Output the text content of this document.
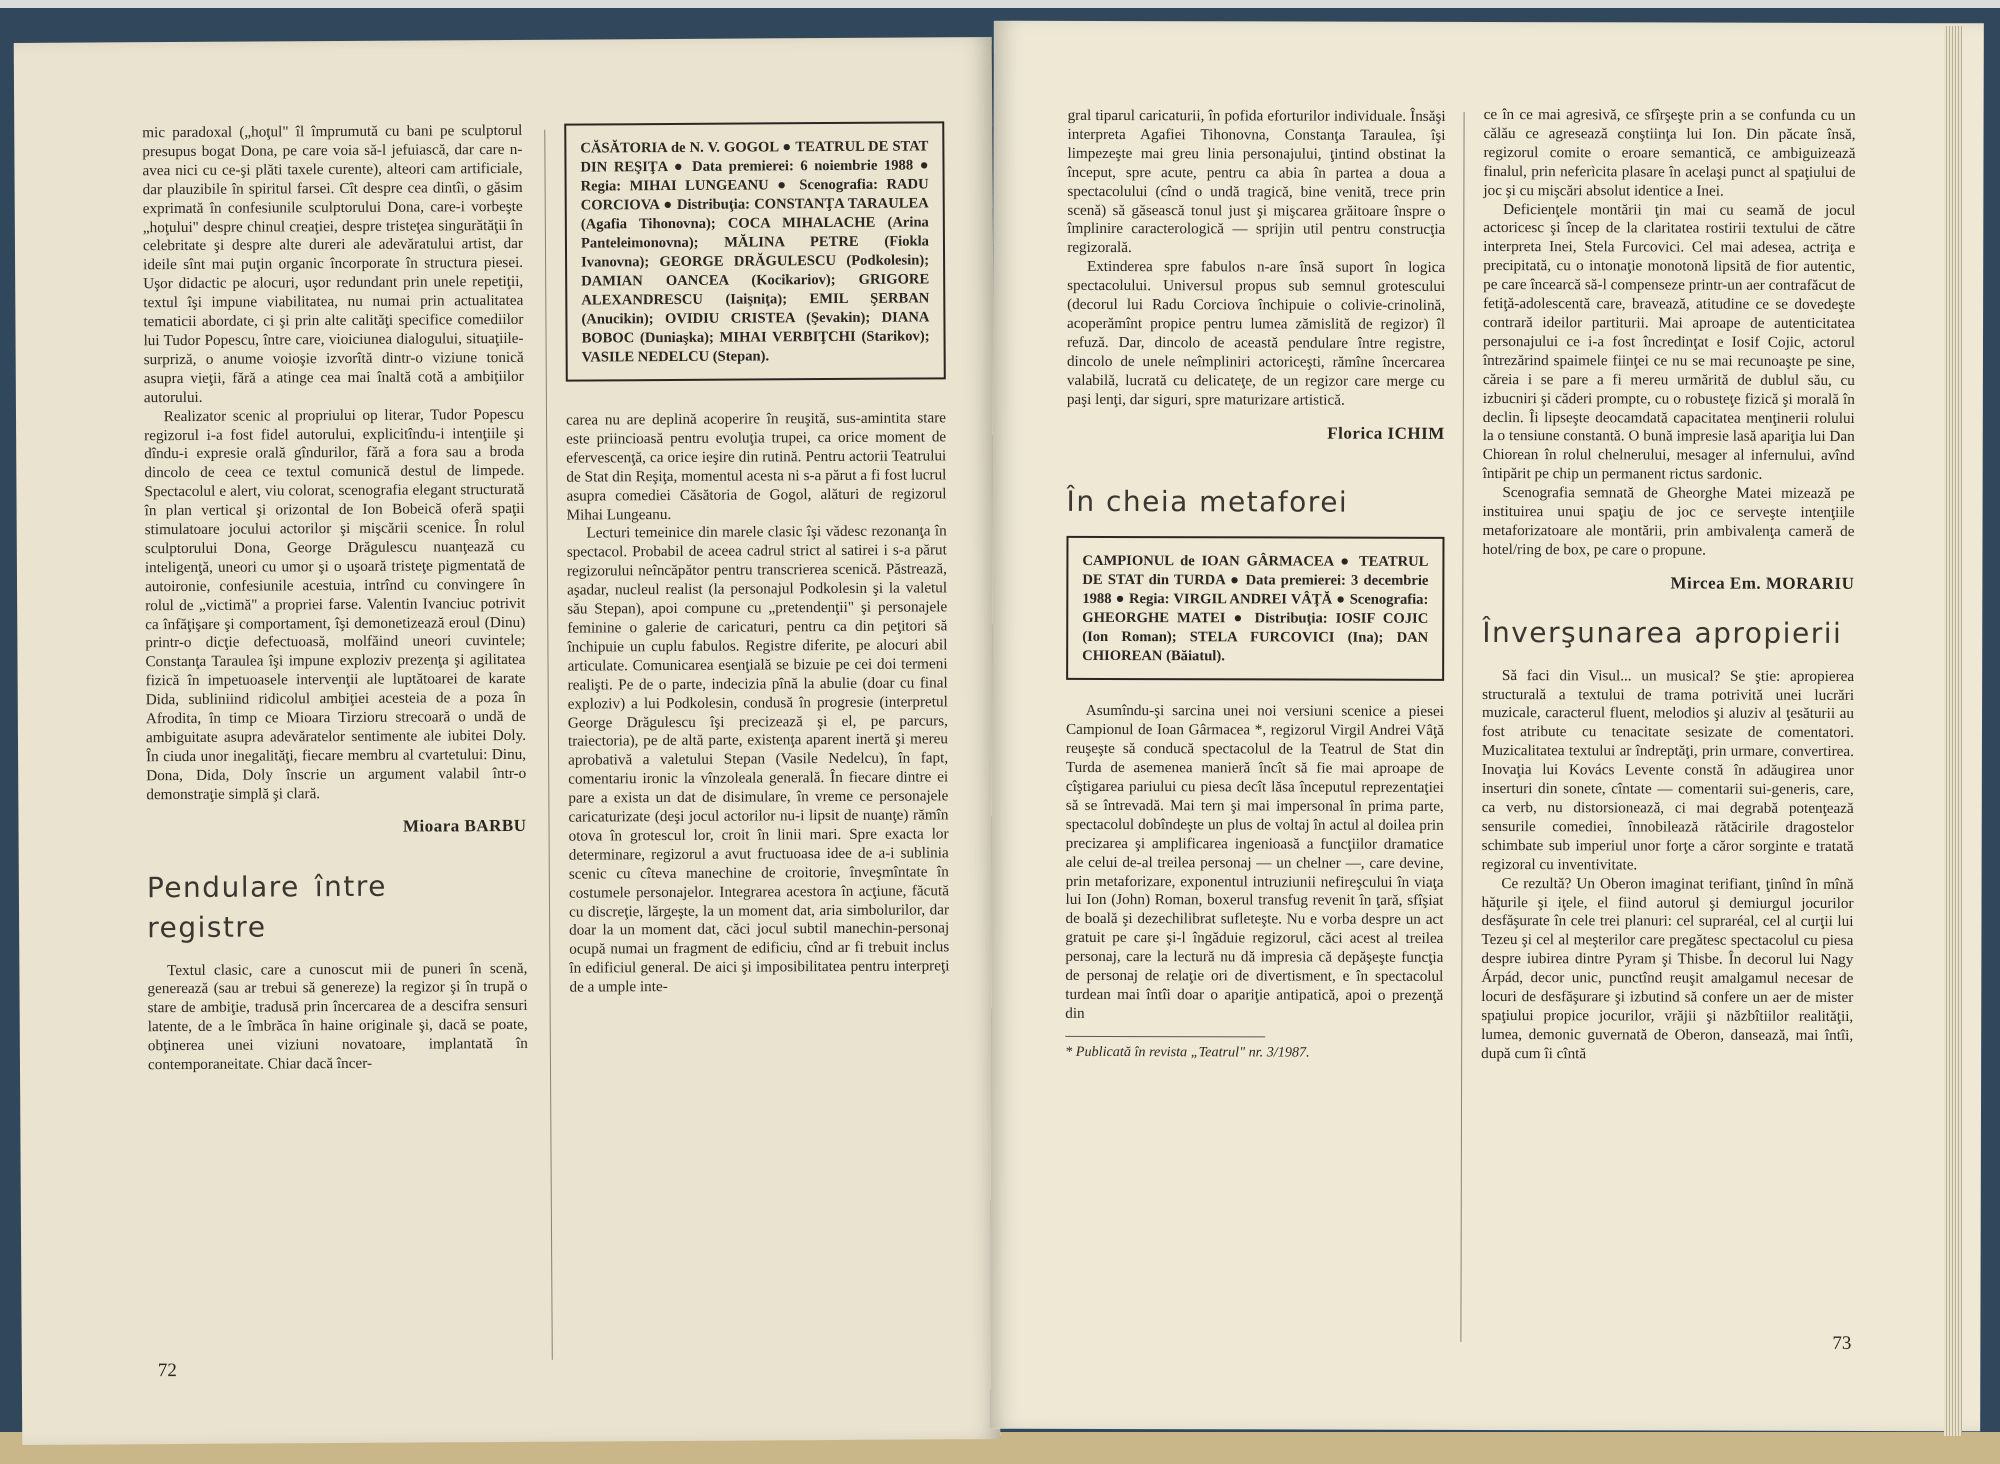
mic paradoxal („hoţul" îl împrumută cu bani pe sculptorul presupus bogat Dona, pe care voia să-l jefuiască, dar care n-avea nici cu ce-şi plăti taxele curente), alteori cam artificiale, dar plauzibile în spiritul farsei. Cît despre cea dintîi, o găsim exprimată în confesiunile sculptorului Dona, care-i vorbeşte „hoţului" despre chinul creaţiei, despre tristeţea singurătăţii în celebritate şi despre alte dureri ale adevăratului artist, dar ideile sînt mai puţin organic încorporate în structura piesei. Uşor didactic pe alocuri, uşor redundant prin unele repetiţii, textul îşi impune viabilitatea, nu numai prin actualitatea tematicii abordate, ci şi prin alte calităţi specifice comediilor lui Tudor Popescu, între care, vioiciunea dialogului, situaţiile-surpriză, o anume voioşie izvorîtă dintr-o viziune tonică asupra vieţii, fără a atinge cea mai înaltă cotă a ambiţiilor autorului.

Realizator scenic al propriului op literar, Tudor Popescu regizorul i-a fost fidel autorului, explicitîndu-i intenţiile şi dîndu-i expresie orală gîndurilor, fără a fora sau a broda dincolo de ceea ce textul comunică destul de limpede. Spectacolul e alert, viu colorat, scenografia elegant structurată în plan vertical şi orizontal de Ion Bobeică oferă spaţii stimulatoare jocului actorilor şi mişcării scenice. În rolul sculptorului Dona, George Drăgulescu nuanţează cu inteligenţă, uneori cu umor şi o uşoară tristeţe pigmentată de autoironie, confesiunile acestuia, intrînd cu convingere în rolul de „victimă" a propriei farse. Valentin Ivanciuc potrivit ca înfăţişare şi comportament, îşi demonetizează eroul (Dinu) printr-o dicţie defectuoasă, molfăind uneori cuvintele; Constanţa Taraulea îşi impune exploziv prezenţa şi agilitatea fizică în impetuoasele intervenţii ale luptătoarei de karate Dida, subliniind ridicolul ambiţiei acesteia de a poza în Afrodita, în timp ce Mioara Tirzioru strecoară o undă de ambiguitate asupra adevăratelor sentimente ale iubitei Doly. În ciuda unor inegalităţi, fiecare membru al cvartetului: Dinu, Dona, Dida, Doly înscrie un argument valabil într-o demonstraţie simplă şi clară.

Mioara BARBU
Pendulare între registre

Textul clasic, care a cunoscut mii de puneri în scenă, generează (sau ar trebui să genereze) la regizor şi în trupă o stare de ambiţie, tradusă prin încercarea de a descifra sensuri latente, de a le îmbrăca în haine originale şi, dacă se poate, obţinerea unei viziuni novatoare, implantată în contemporaneitate. Chiar dacă încer-

CĂSĂTORIA de N. V. GOGOL ● TEATRUL DE STAT DIN REŞIŢA ● Data premierei: 6 noiembrie 1988 ● Regia: MIHAI LUNGEANU ● Scenografia: RADU CORCIOVA ● Distribuţia: CONSTANŢA TARAULEA (Agafia Tihonovna); COCA MIHALACHE (Arina Panteleimonovna); MĂLINA PETRE (Fiokla Ivanovna); GEORGE DRĂGULESCU (Podkolesin); DAMIAN OANCEA (Kocikariov); GRIGORE ALEXANDRESCU (Iaişniţa); EMIL ŞERBAN (Anucikin); OVIDIU CRISTEA (Şevakin); DIANA BOBOC (Duniaşka); MIHAI VERBIŢCHI (Starikov); VASILE NEDELCU (Stepan).

carea nu are deplină acoperire în reuşită, sus-amintita stare este priincioasă pentru evoluţia trupei, ca orice moment de efervescenţă, ca orice ieşire din rutină. Pentru actorii Teatrului de Stat din Reşiţa, momentul acesta ni s-a părut a fi fost lucrul asupra comediei Căsătoria de Gogol, alături de regizorul Mihai Lungeanu.

Lecturi temeinice din marele clasic îşi vădesc rezonanţa în spectacol. Probabil de aceea cadrul strict al satirei i s-a părut regizorului neîncăpător pentru transcrierea scenică. Păstrează, aşadar, nucleul realist (la personajul Podkolesin şi la valetul său Stepan), apoi compune cu „pretendenţii" şi personajele feminine o galerie de caricaturi, pentru ca din peţitori să închipuie un cuplu fabulos. Registre diferite, pe alocuri abil articulate. Comunicarea esenţială se bizuie pe cei doi termeni realişti. Pe de o parte, indecizia pînă la abulie (doar cu final exploziv) a lui Podkolesin, condusă în progresie (interpretul George Drăgulescu îşi precizează şi el, pe parcurs, traiectoria), pe de altă parte, existenţa aparent inertă şi mereu aprobativă a valetului Stepan (Vasile Nedelcu), în fapt, comentariu ironic la vînzoleala generală. În fiecare dintre ei pare a exista un dat de disimulare, în vreme ce personajele caricaturizate (deşi jocul actorilor nu-i lipsit de nuanţe) rămîn otova în grotescul lor, croit în linii mari. Spre exacta lor determinare, regizorul a avut fructuoasa idee de a-i sublinia scenic cu cîteva manechine de croitorie, înveşmîntate în costumele personajelor. Integrarea acestora în acţiune, făcută cu discreţie, lărgeşte, la un moment dat, aria simbolurilor, dar doar la un moment dat, căci jocul subtil manechin-personaj ocupă numai un fragment de edificiu, cînd ar fi trebuit inclus în edificiul general. De aici şi imposibilitatea pentru interpreţi de a umple inte-

72

gral tiparul caricaturii, în pofida eforturilor individuale. Însăşi interpreta Agafiei Tihonovna, Constanţa Taraulea, îşi limpezeşte mai greu linia personajului, ţintind obstinat la început, spre acute, pentru ca abia în partea a doua a spectacolului (cînd o undă tragică, bine venită, trece prin scenă) să găsească tonul just şi mişcarea grăitoare înspre o împlinire caracterologică — sprijin util pentru construcţia regizorală.

Extinderea spre fabulos n-are însă suport în logica spectacolului. Universul propus sub semnul grotescului (decorul lui Radu Corciova închipuie o colivie-crinolină, acoperămînt propice pentru lumea zămislită de regizor) îl refuză. Dar, dincolo de această pendulare între registre, dincolo de unele neîmpliniri actoriceşti, rămîne încercarea valabilă, lucrată cu delicateţe, de un regizor care merge cu paşi lenţi, dar siguri, spre maturizare artistică.

Florica ICHIM
În cheia metaforei

CAMPIONUL de IOAN GÂRMACEA ● TEATRUL DE STAT din TURDA ● Data premierei: 3 decembrie 1988 ● Regia: VIRGIL ANDREI VÂŢĂ ● Scenografia: GHEORGHE MATEI ● Distribuţia: IOSIF COJIC (Ion Roman); STELA FURCOVICI (Ina); DAN CHIOREAN (Băiatul).

Asumîndu-şi sarcina unei noi versiuni scenice a piesei Campionul de Ioan Gârmacea *, regizorul Virgil Andrei Vâţă reuşeşte să conducă spectacolul de la Teatrul de Stat din Turda de asemenea manieră încît să fie mai aproape de cîştigarea pariului cu piesa decît lăsa începutul reprezentaţiei să se întrevadă. Mai tern şi mai impersonal în prima parte, spectacolul dobîndeşte un plus de voltaj în actul al doilea prin precizarea şi amplificarea ingenioasă a funcţiilor dramatice ale celui de-al treilea personaj — un chelner —, care devine, prin metaforizare, exponentul intruziunii nefireşcului în viaţa lui Ion (John) Roman, boxerul transfug revenit în ţară, sfîşiat de boală şi dezechilibrat sufleteşte. Nu e vorba despre un act gratuit pe care şi-l îngăduie regizorul, căci acest al treilea personaj, care la lectură nu dă impresia că depăşeşte funcţia de personaj de relaţie ori de divertisment, e în spectacolul turdean mai întîi doar o apariţie antipatică, apoi o prezenţă din

* Publicată în revista „Teatrul" nr. 3/1987.

ce în ce mai agresivă, ce sfîrşeşte prin a se confunda cu un călău ce agresează conştiinţa lui Ion. Din păcate însă, regizorul comite o eroare semantică, ce ambiguizează finalul, prin neferìcita plasare în acelaşi punct al spaţiului de joc şi cu mişcări absolut identice a Inei.

Deficienţele montării ţin mai cu seamă de jocul actoricesc şi încep de la claritatea rostirii textului de către interpreta Inei, Stela Furcovici. Cel mai adesea, actriţa e precipitată, cu o intonaţie monotonă lipsită de fior autentic, pe care încearcă să-l compenseze printr-un aer contrafăcut de fetiţă-adolescentă care, bravează, atitudine ce se dovedeşte contrară ideilor partiturii. Mai aproape de autenticitatea personajului ce i-a fost încredinţat e Iosif Cojic, actorul întrezărind spaimele fiinţei ce nu se mai recunoaşte pe sine, căreia i se pare a fi mereu urmărită de dublul său, cu izbucniri şi căderi prompte, cu o robusteţe fizică şi morală în declin. Îi lipseşte deocamdată capacitatea menţinerii rolului la o tensiune constantă. O bună impresie lasă apariţia lui Dan Chiorean în rolul chelnerului, mesager al infernului, avînd întipărit pe chip un permanent rictus sardonic.

Scenografia semnată de Gheorghe Matei mizează pe instituirea unui spaţiu de joc ce serveşte intenţiile metaforizatoare ale montării, prin ambivalenţa cameră de hotel/ring de box, pe care o propune.

Mircea Em. MORARIU
Înverşunarea apropierii

Să faci din Visul... un musical? Se ştie: apropierea structurală a textului de trama potrivită unei lucrări muzicale, caracterul fluent, melodios şi aluziv al ţesăturii au fost atribute cu tenacitate sesizate de comentatori. Muzicalitatea textului ar îndreptăţi, prin urmare, convertirea. Inovaţia lui Kovács Levente constă în adăugirea unor inserturi din sonete, cîntate — comentarii sui-generis, care, ca verb, nu distorsionează, ci mai degrabă potenţează sensurile comediei, înnobilează rătăcirile dragostelor schimbate sub imperiul unor forţe a căror sorginte e tratată regizoral cu inventivitate.

Ce rezultă? Un Oberon imaginat terifiant, ţinînd în mînă hăţurile şi iţele, el fiind autorul şi demiurgul jocurilor desfăşurate în cele trei planuri: cel supraréal, cel al curţii lui Tezeu şi cel al meşterilor care pregătesc spectacolul cu piesa despre iubirea dintre Pyram şi Thisbe. În decorul lui Nagy Árpád, decor unic, punctînd reuşit amalgamul necesar de locuri de desfăşurare şi izbutind să confere un aer de mister spaţiului propice jocurilor, vrăjii şi năzbîtiilor realităţii, lumea, demonic guvernată de Oberon, dansează, mai întîi, după cum îi cîntă

73
